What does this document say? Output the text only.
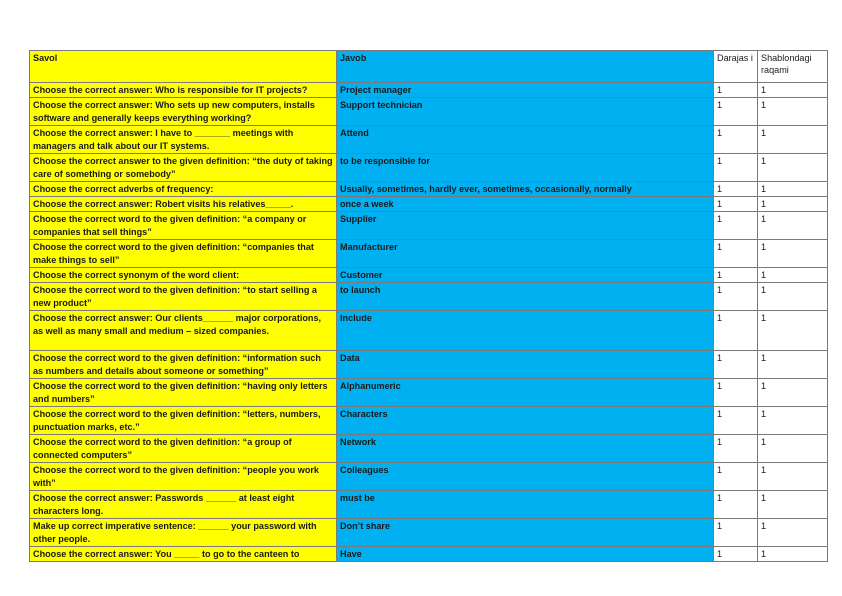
Savol	Javob	Darajas i	Shablondagi raqami
Choose the correct answer: Who is responsible for IT projects?	Project manager	1	1
Choose the correct answer: Who sets up new computers, installs software and generally keeps everything working?	Support technician	1	1
Choose the correct answer: I have to _______ meetings with managers and talk about our IT systems.	Attend	1	1
Choose the correct answer to the given definition: “the duty of taking care of something or somebody”	to be responsible for	1	1
Choose the correct adverbs of frequency:	Usually, sometimes, hardly ever, sometimes, occasionally, normally	1	1
Choose the correct answer: Robert visits his relatives_____.	once a week	1	1
Choose the correct word to the given definition: “a company or companies that sell things”	Supplier	1	1
Choose the correct word to the given definition: “companies that make things to sell”	Manufacturer	1	1
Choose the correct synonym of the word client:	Customer	1	1
Choose the correct word to the given definition: “to start selling a new product”	to launch	1	1
Choose the correct answer: Our clients______ major corporations, as well as many small and medium – sized companies.	Include	1	1
Choose the correct word to the given definition: “information such as numbers and details about someone or something”	Data	1	1
Choose the correct word to the given definition: “having only letters and numbers”	Alphanumeric	1	1
Choose the correct word to the given definition: “letters, numbers, punctuation marks, etc.”	Characters	1	1
Choose the correct word to the given definition: “a group of connected computers”	Network	1	1
Choose the correct word to the given definition: “people you work with”	Colleagues	1	1
Choose the correct answer: Passwords ______ at least eight characters long.	must be	1	1
Make up correct imperative sentence: ______ your password with other people.	Don’t share	1	1
Choose the correct answer: You _____ to go to the canteen to	Have	1	1
